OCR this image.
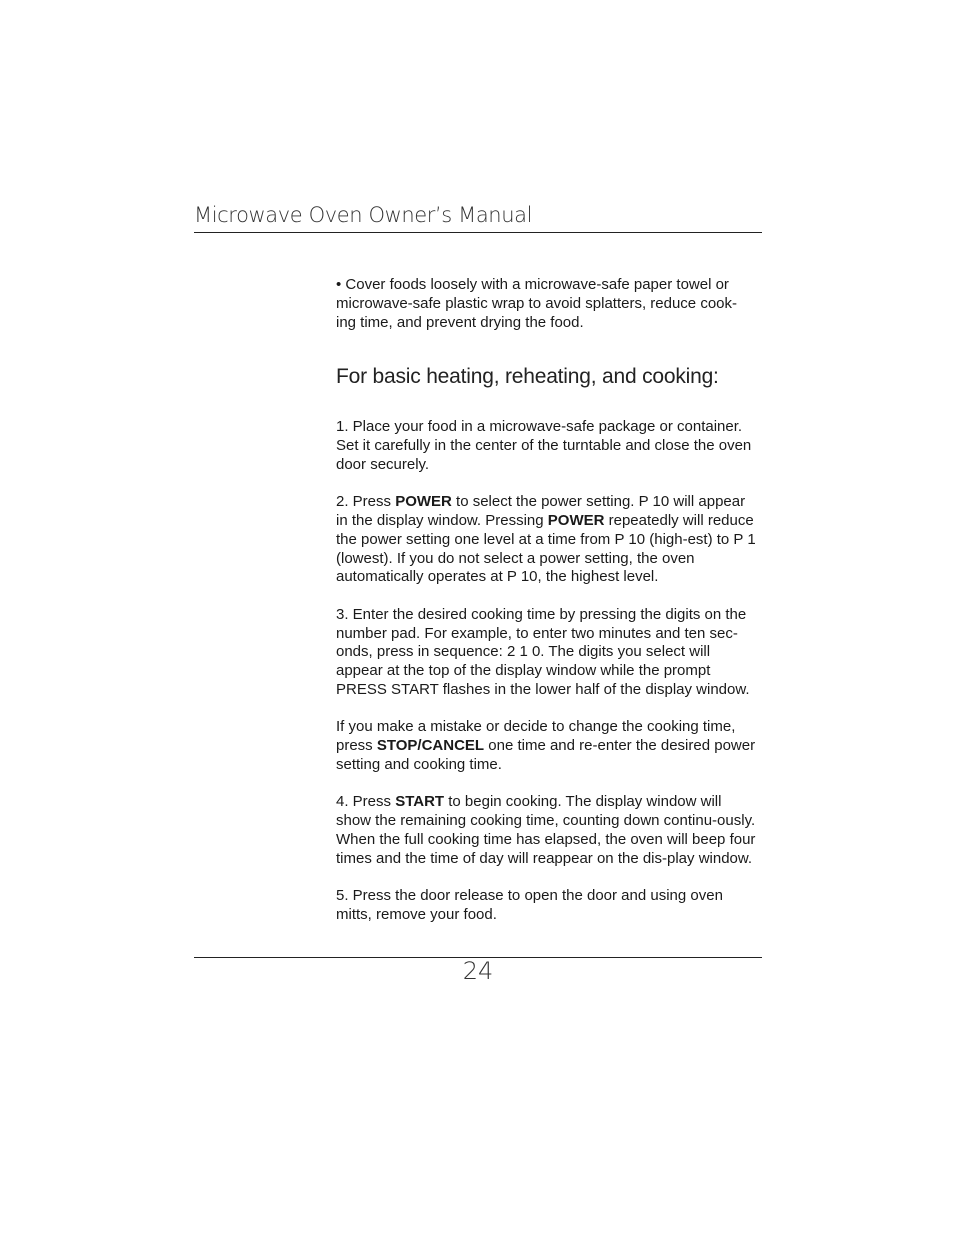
Microwave Oven Owner’s Manual

• Cover foods loosely with a microwave-safe paper towel or microwave-safe plastic wrap to avoid splatters, reduce cook-ing time, and prevent drying the food.

For basic heating, reheating, and cooking:

1. Place your food in a microwave-safe package or container. Set it carefully in the center of the turntable and close the oven door securely.

2. Press POWER to select the power setting. P 10 will appear in the display window. Pressing POWER repeatedly will reduce the power setting one level at a time from P 10 (high-est) to P 1 (lowest). If you do not select a power setting, the oven automatically operates at P 10, the highest level.

3. Enter the desired cooking time by pressing the digits on the number pad. For example, to enter two minutes and ten sec-onds, press in sequence: 2 1 0. The digits you select will appear at the top of the display window while the prompt PRESS START flashes in the lower half of the display window.

If you make a mistake or decide to change the cooking time, press STOP/CANCEL one time and re-enter the desired power setting and cooking time.

4. Press START to begin cooking. The display window will show the remaining cooking time, counting down continu-ously. When the full cooking time has elapsed, the oven will beep four times and the time of day will reappear on the dis-play window.

5. Press the door release to open the door and using oven mitts, remove your food.

24
